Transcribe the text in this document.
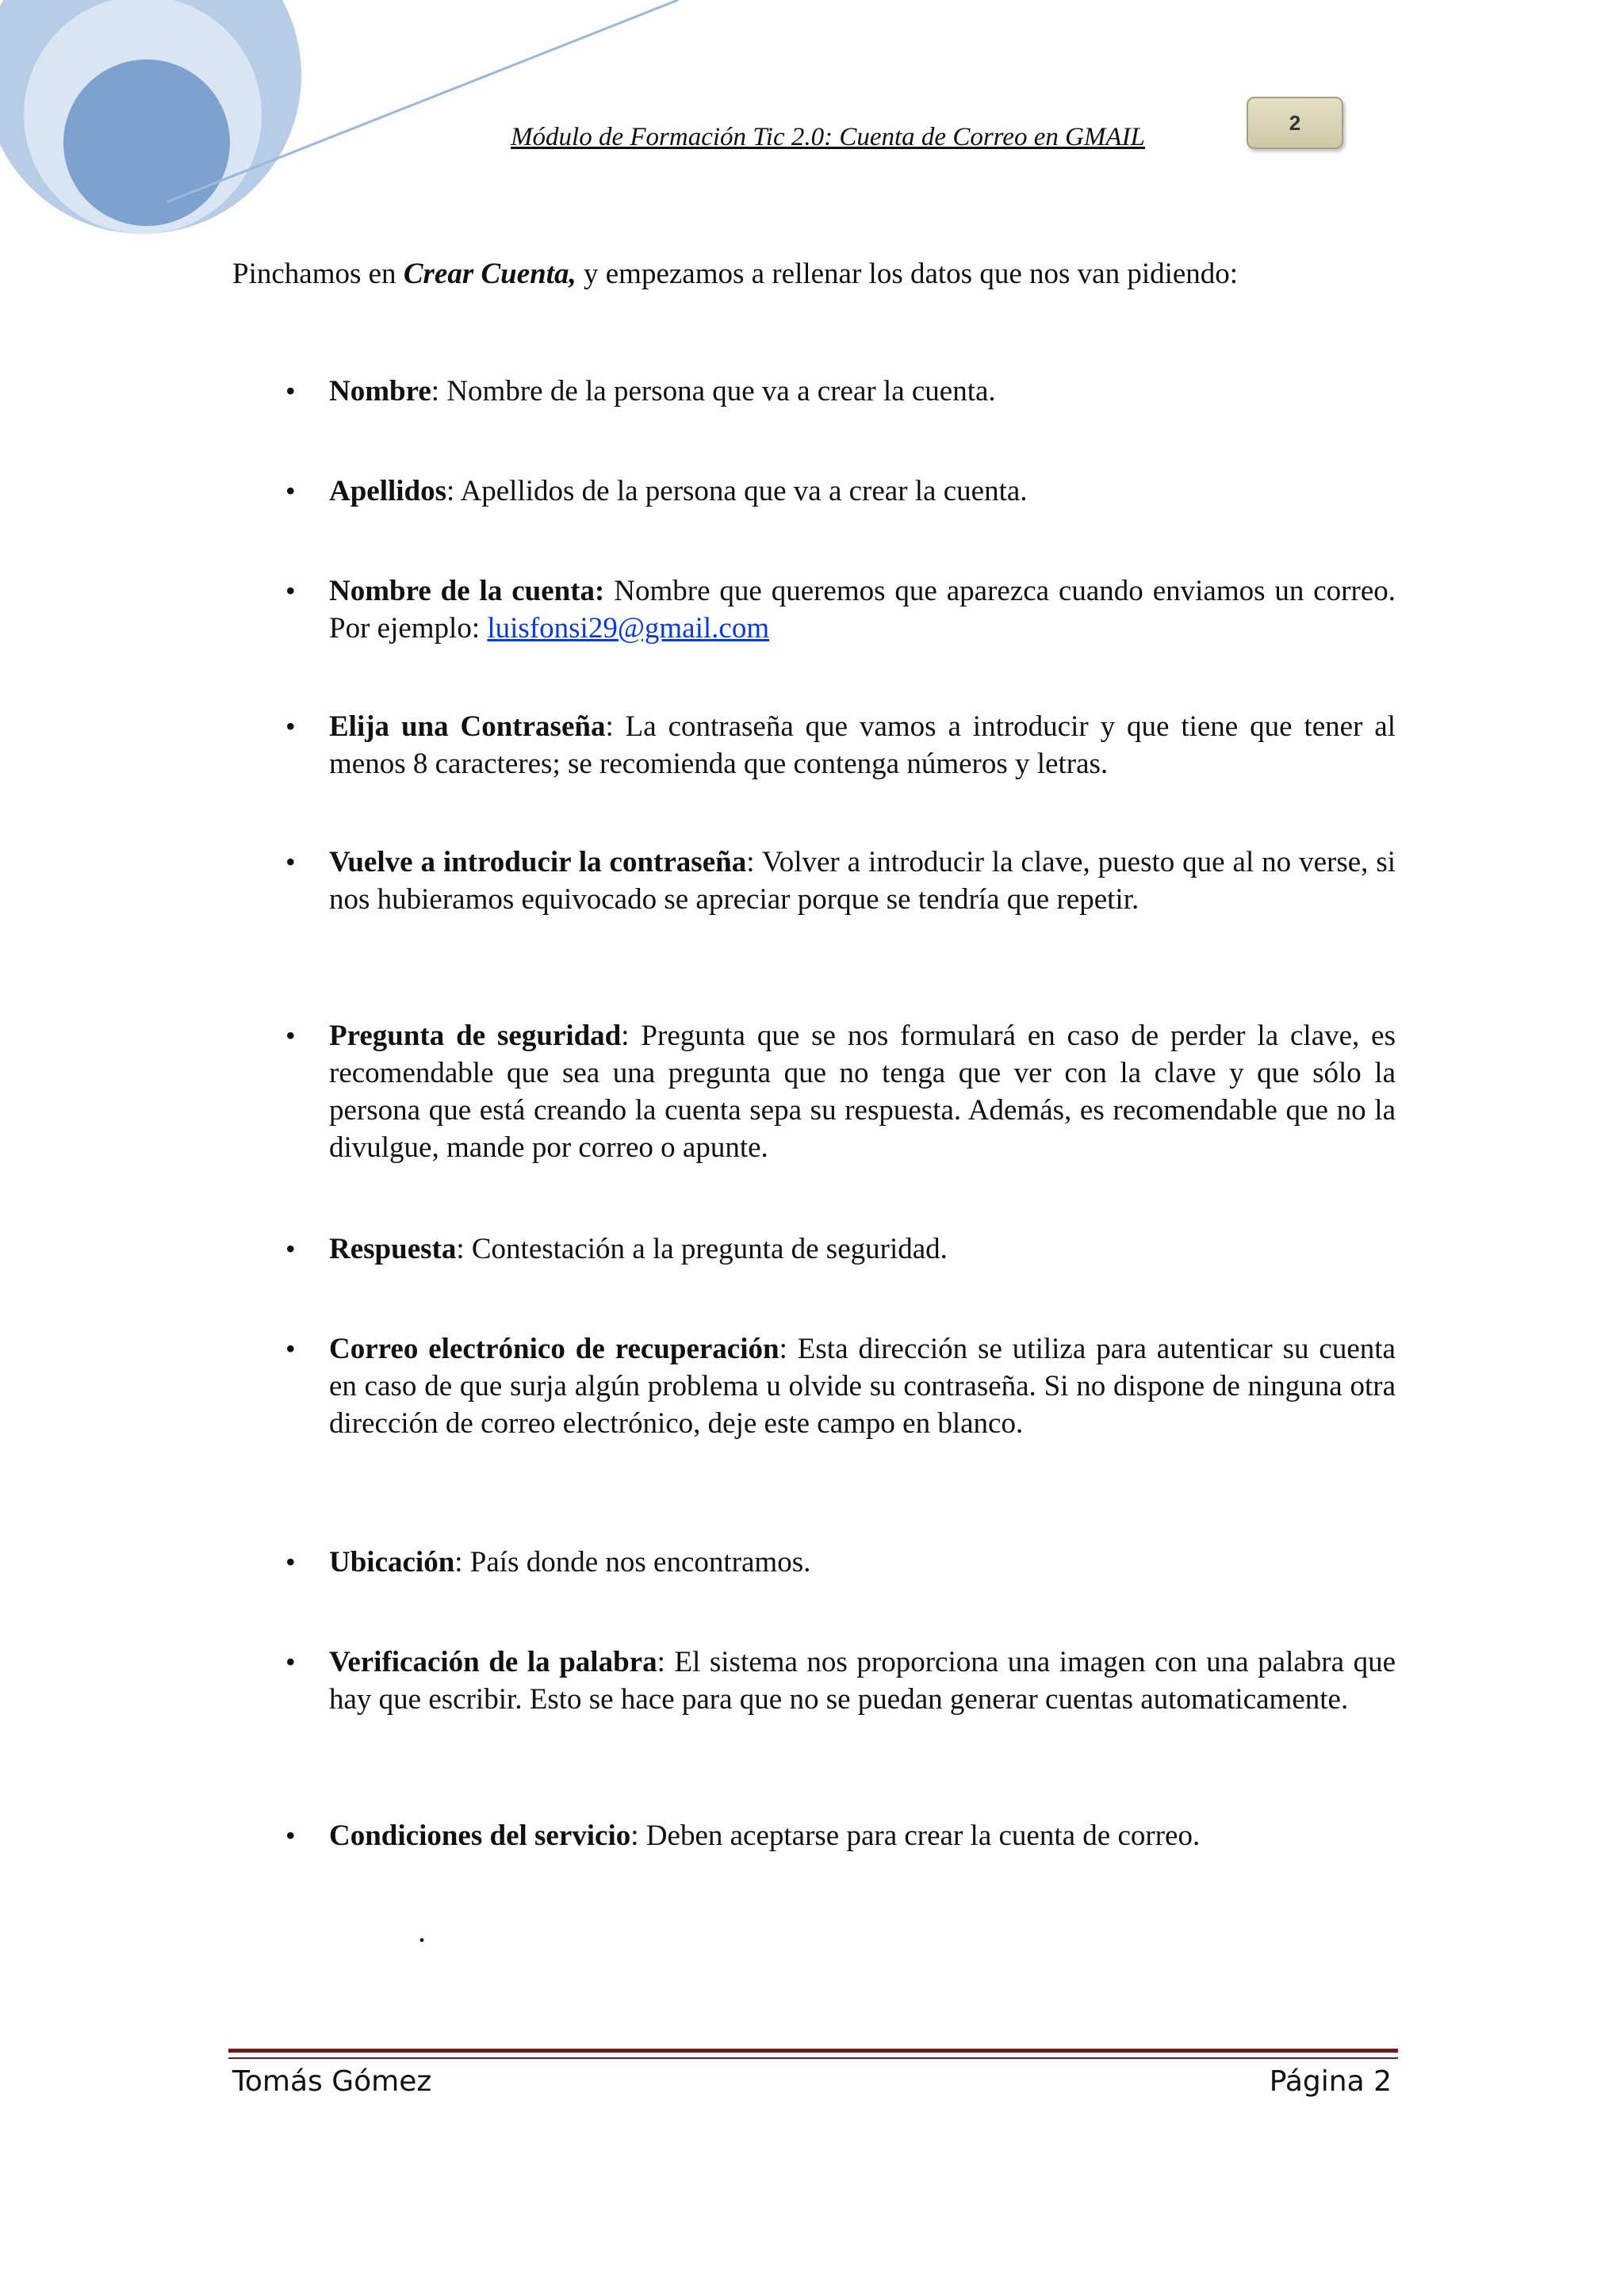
Módulo de Formación Tic 2.0: Cuenta de Correo en GMAIL
2
Pinchamos en Crear Cuenta, y empezamos a rellenar los datos que nos van pidiendo:
•
Nombre: Nombre de la persona que va a crear la cuenta.
•
Apellidos: Apellidos de la persona que va a crear la cuenta.
•
Nombre de la cuenta: Nombre que queremos que aparezca cuando enviamos un correo. Por ejemplo: luisfonsi29@gmail.com
•
Elija una Contraseña: La contraseña que vamos a introducir y que tiene que tener al menos 8 caracteres; se recomienda que contenga números y letras.
•
Vuelve a introducir la contraseña: Volver a introducir la clave, puesto que al no verse, si nos hubieramos equivocado se apreciar porque se tendría que repetir.
•
Pregunta de seguridad: Pregunta que se nos formulará en caso de perder la clave, es recomendable que sea una pregunta que no tenga que ver con la clave y que sólo la persona que está creando la cuenta sepa su respuesta. Además, es recomendable que no la divulgue, mande por correo o apunte.
•
Respuesta: Contestación a la pregunta de seguridad.
•
Correo electrónico de recuperación: Esta dirección se utiliza para autenticar su cuenta en caso de que surja algún problema u olvide su contraseña. Si no dispone de ninguna otra dirección de correo electrónico, deje este campo en blanco.
•
Ubicación: País donde nos encontramos.
•
Verificación de la palabra: El sistema nos proporciona una imagen con una palabra que hay que escribir. Esto se hace para que no se puedan generar cuentas automaticamente.
•
Condiciones del servicio: Deben aceptarse para crear la cuenta de correo.
.
Tomás Gómez	Página 2
